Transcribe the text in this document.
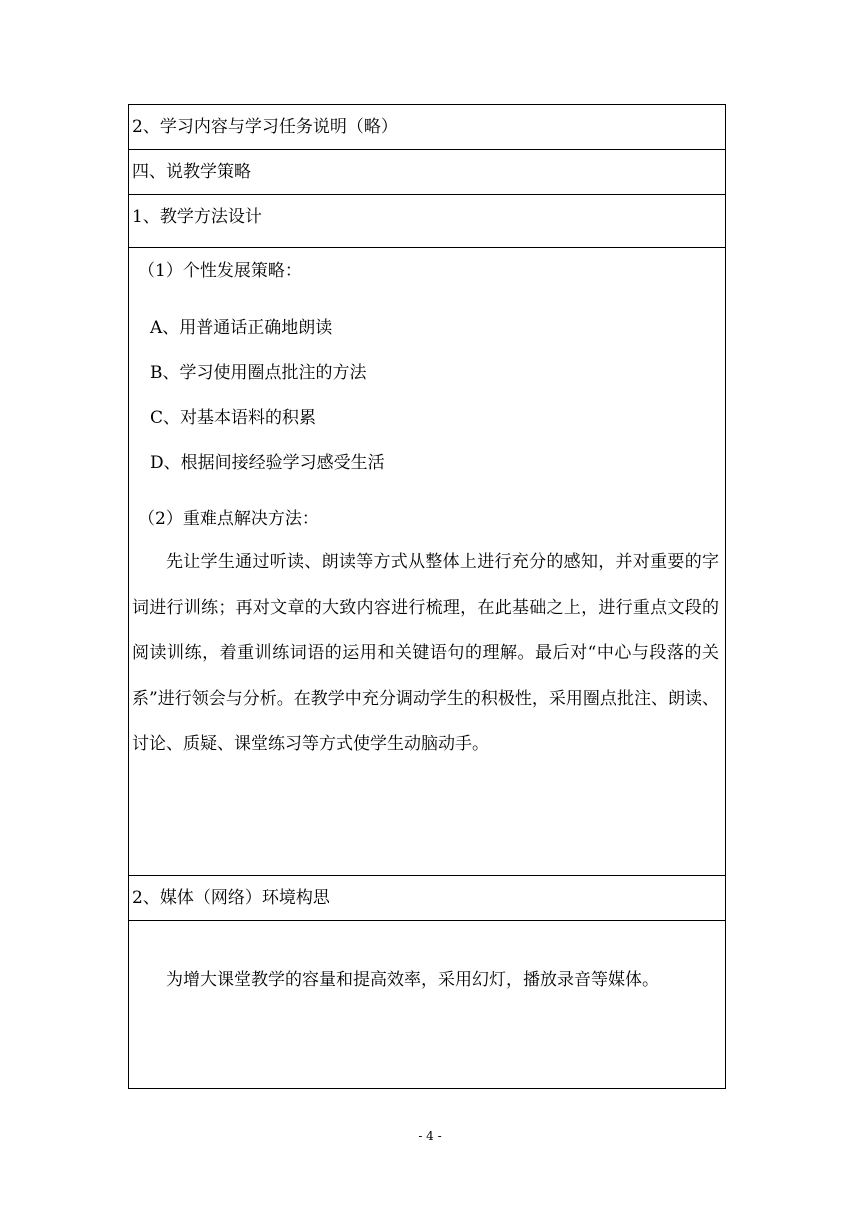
2、学习内容与学习任务说明（略）
四、说教学策略
1、教学方法设计

（1）个性发展策略：
A、用普通话正确地朗读
B、学习使用圈点批注的方法
C、对基本语料的积累
D、根据间接经验学习感受生活
（2）重难点解决方法：
先让学生通过听读、朗读等方式从整体上进行充分的感知，并对重要的字词进行训练；再对文章的大致内容进行梳理，在此基础之上，进行重点文段的阅读训练，着重训练词语的运用和关键语句的理解。最后对“中心与段落的关系”进行领会与分析。在教学中充分调动学生的积极性，采用圈点批注、朗读、讨论、质疑、课堂练习等方式使学生动脑动手。

2、媒体（网络）环境构思

为增大课堂教学的容量和提高效率，采用幻灯，播放录音等媒体。
- 4 -
